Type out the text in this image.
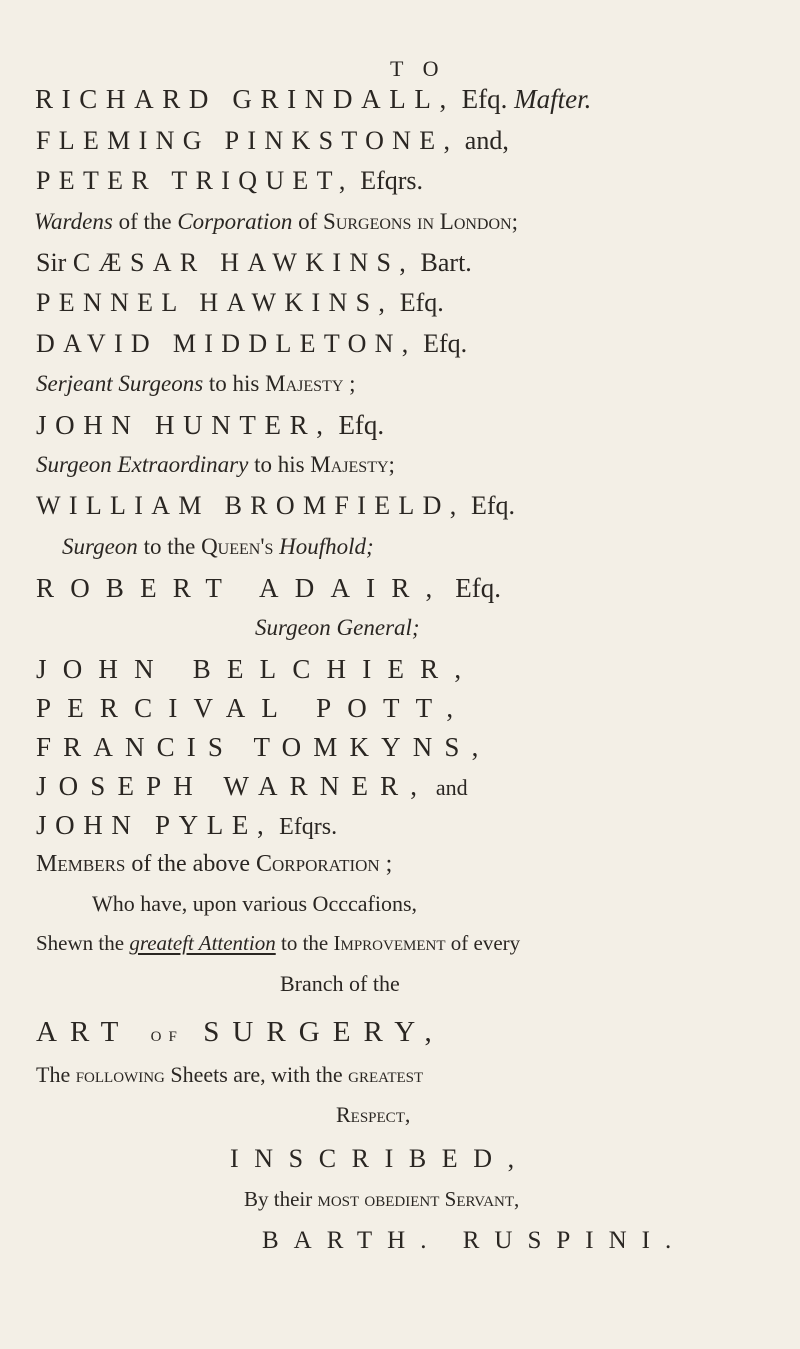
T O
RICHARD GRINDALL, Efq. Mafter.
FLEMING PINKSTONE, and,
PETER TRIQUET, Efqrs.
Wardens of the Corporation of Surgeons in London;
Sir CÆSAR HAWKINS, Bart.
PENNEL HAWKINS, Efq.
DAVID MIDDLETON, Efq.
Serjeant Surgeons to his Majesty ;
JOHN HUNTER, Efq.
Surgeon Extraordinary to his Majesty;
WILLIAM BROMFIELD, Efq.
Surgeon to the Queen's Houfhold;
ROBERT ADAIR, Efq.
Surgeon General;
JOHN BELCHIER,
PERCIVAL POTT,
FRANCIS TOMKYNS,
JOSEPH WARNER, and
JOHN PYLE, Efqrs.
Members of the above Corporation ;
Who have, upon various Occcafions,
Shewn the greateft Attention to the Improvement of every
Branch of the
ART of SURGERY,
The following Sheets are, with the greatest
Respect,
INSCRIBED,
By their most obedient Servant,
BARTH. RUSPINI.
